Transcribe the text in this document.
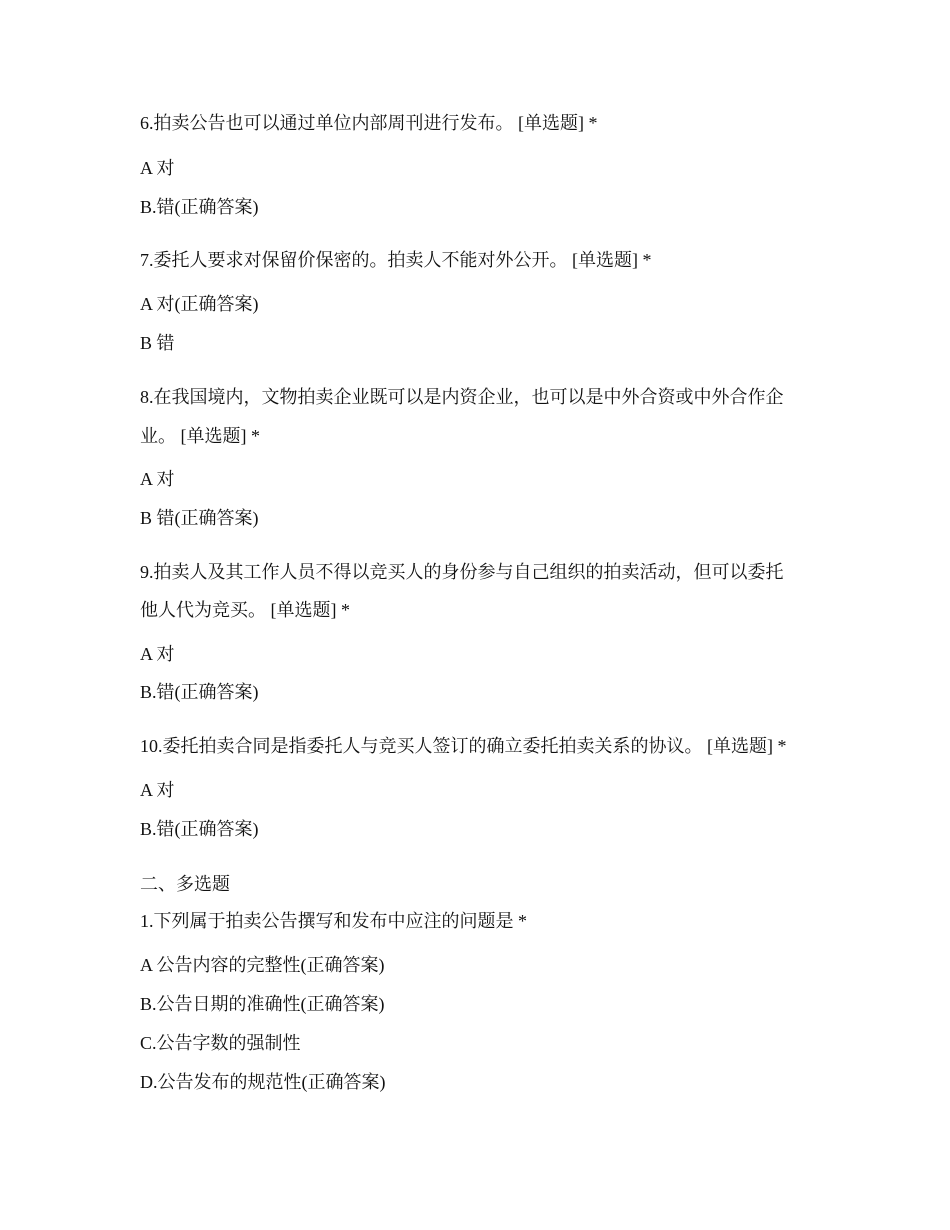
6.拍卖公告也可以通过单位内部周刊进行发布。 [单选题] *
A 对
B.错(正确答案)
7.委托人要求对保留价保密的。拍卖人不能对外公开。 [单选题] *
A 对(正确答案)
B 错
8.在我国境内，文物拍卖企业既可以是内资企业，也可以是中外合资或中外合作企
业。 [单选题] *
A 对
B 错(正确答案)
9.拍卖人及其工作人员不得以竞买人的身份参与自己组织的拍卖活动，但可以委托
他人代为竞买。 [单选题] *
A 对
B.错(正确答案)
10.委托拍卖合同是指委托人与竞买人签订的确立委托拍卖关系的协议。 [单选题] *
A 对
B.错(正确答案)
二、多选题
1.下列属于拍卖公告撰写和发布中应注的问题是 *
A 公告内容的完整性(正确答案)
B.公告日期的准确性(正确答案)
C.公告字数的强制性
D.公告发布的规范性(正确答案)
